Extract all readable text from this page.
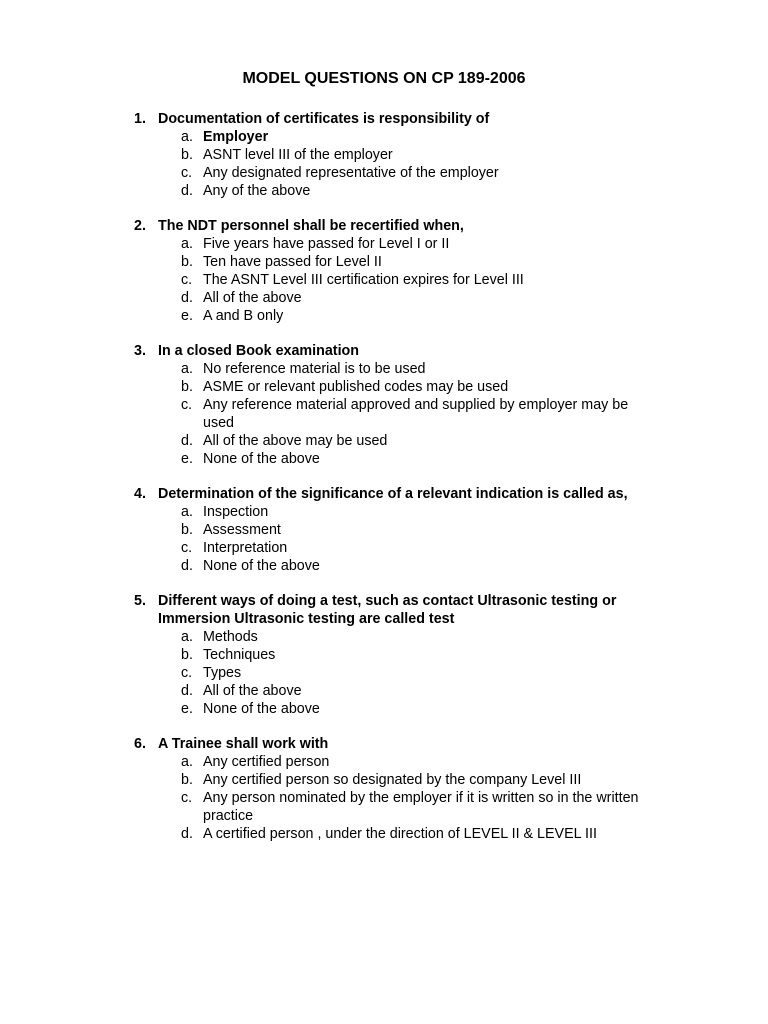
MODEL QUESTIONS ON CP 189-2006
1. Documentation of certificates is responsibility of
a. Employer
b. ASNT level III of the employer
c. Any designated representative of the employer
d. Any of the above
2. The NDT personnel shall be recertified when,
a. Five years have passed for Level I or II
b. Ten have passed for Level II
c. The ASNT Level III certification expires for Level III
d. All of the above
e. A and B only
3. In a closed Book examination
a. No reference material is to be used
b. ASME or relevant published codes may be used
c. Any reference material approved and supplied by employer may be used
d. All of the above may be used
e. None of the above
4. Determination of the significance of a relevant indication is called as,
a. Inspection
b. Assessment
c. Interpretation
d. None of the above
5. Different ways of doing a test, such as contact Ultrasonic testing or Immersion Ultrasonic testing are called test
a. Methods
b. Techniques
c. Types
d. All of the above
e. None of the above
6. A Trainee shall work with
a. Any certified person
b. Any certified person so designated by the company Level III
c. Any person nominated by the employer if it is written so in the written practice
d. A certified person , under the direction of LEVEL II & LEVEL III
